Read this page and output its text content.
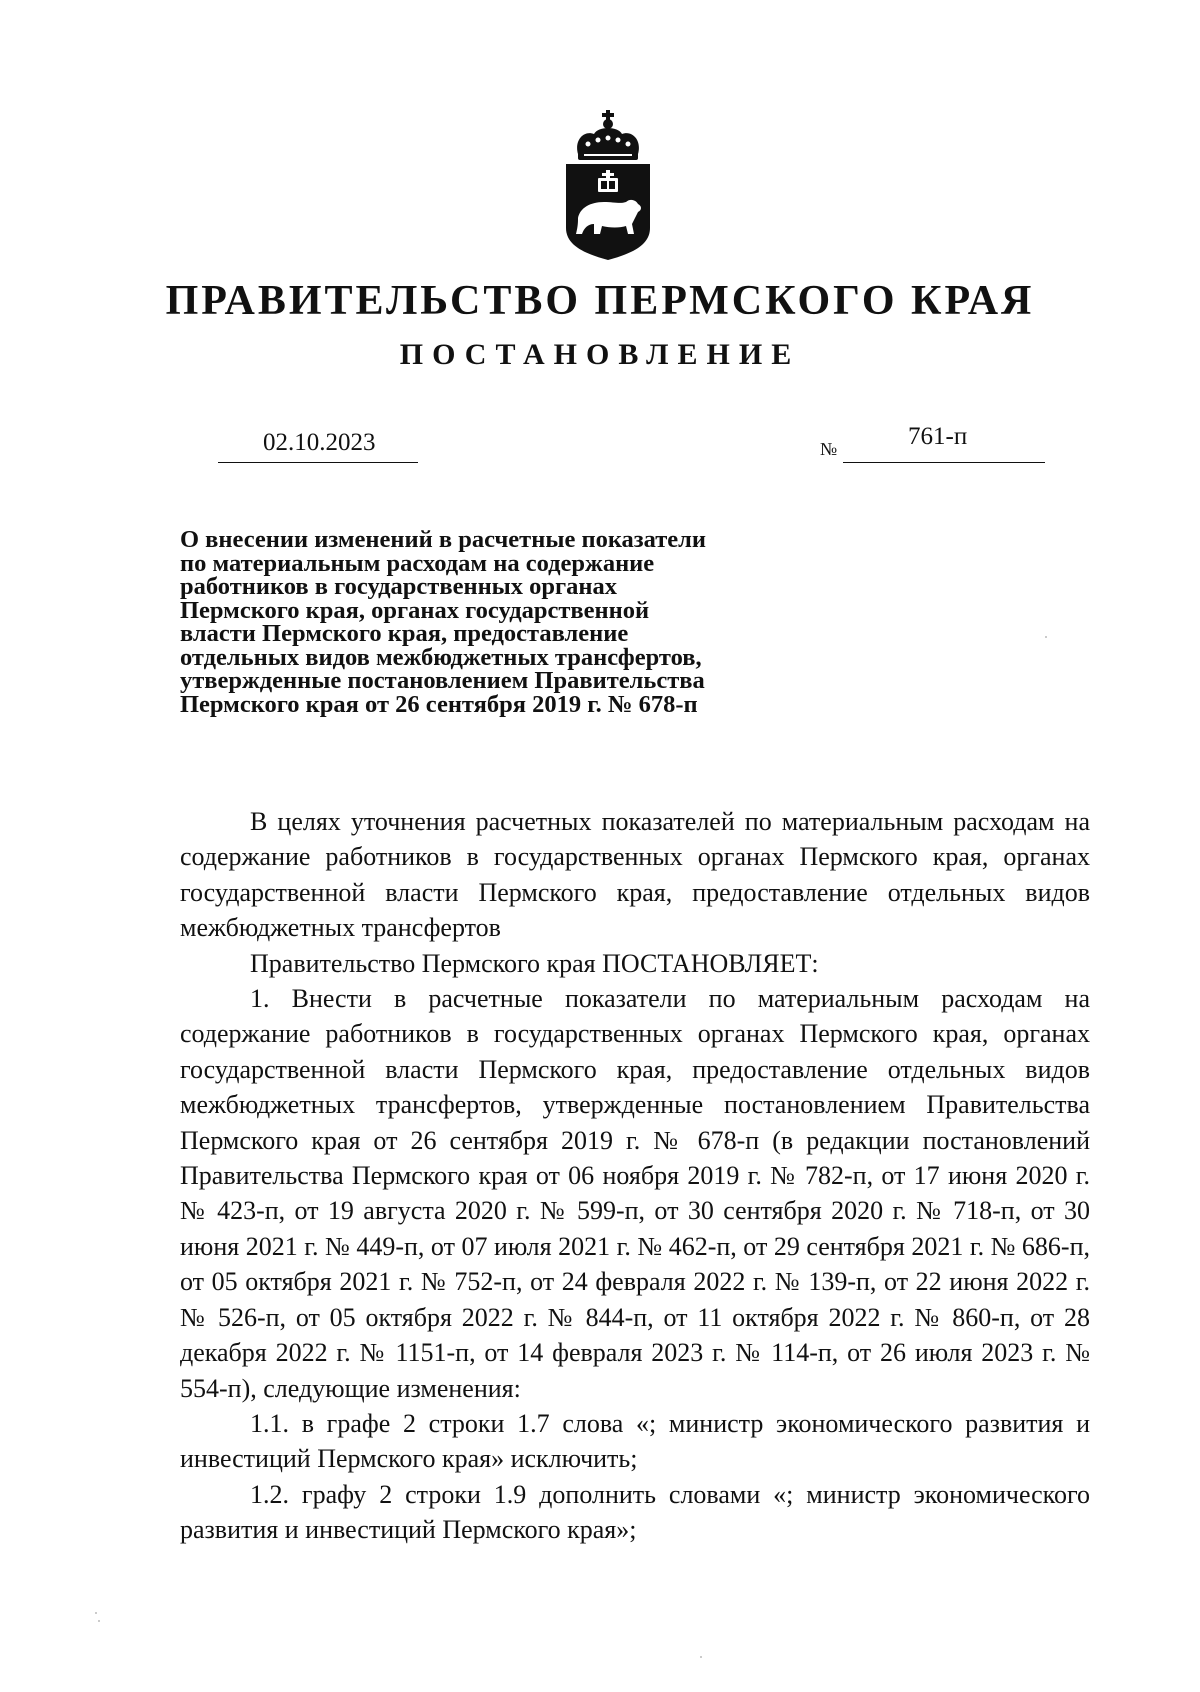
ПРАВИТЕЛЬСТВО ПЕРМСКОГО КРАЯ
ПОСТАНОВЛЕНИЕ
02.10.2023	№	761-п
О внесении изменений в расчетные показатели
по материальным расходам на содержание
работников в государственных органах
Пермского края, органах государственной
власти Пермского края, предоставление
отдельных видов межбюджетных трансфертов,
утвержденные постановлением Правительства
Пермского края от 26 сентября 2019 г. № 678-п

В целях уточнения расчетных показателей по материальным расходам на содержание работников в государственных органах Пермского края, органах государственной власти Пермского края, предоставление отдельных видов межбюджетных трансфертов

Правительство Пермского края ПОСТАНОВЛЯЕТ:

1. Внести в расчетные показатели по материальным расходам на содержание работников в государственных органах Пермского края, органах государственной власти Пермского края, предоставление отдельных видов межбюджетных трансфертов, утвержденные постановлением Правительства Пермского края от 26 сентября 2019 г. № 678-п (в редакции постановлений Правительства Пермского края от 06 ноября 2019 г. № 782-п, от 17 июня 2020 г. № 423-п, от 19 августа 2020 г. № 599-п, от 30 сентября 2020 г. № 718-п, от 30 июня 2021 г. № 449-п, от 07 июля 2021 г. № 462-п, от 29 сентября 2021 г. № 686-п, от 05 октября 2021 г. № 752-п, от 24 февраля 2022 г. № 139-п, от 22 июня 2022 г. № 526-п, от 05 октября 2022 г. № 844-п, от 11 октября 2022 г. № 860-п, от 28 декабря 2022 г. № 1151-п, от 14 февраля 2023 г. № 114-п, от 26 июля 2023 г. № 554-п), следующие изменения:

1.1. в графе 2 строки 1.7 слова «; министр экономического развития и инвестиций Пермского края» исключить;

1.2. графу 2 строки 1.9 дополнить словами «; министр экономического развития и инвестиций Пермского края»;
